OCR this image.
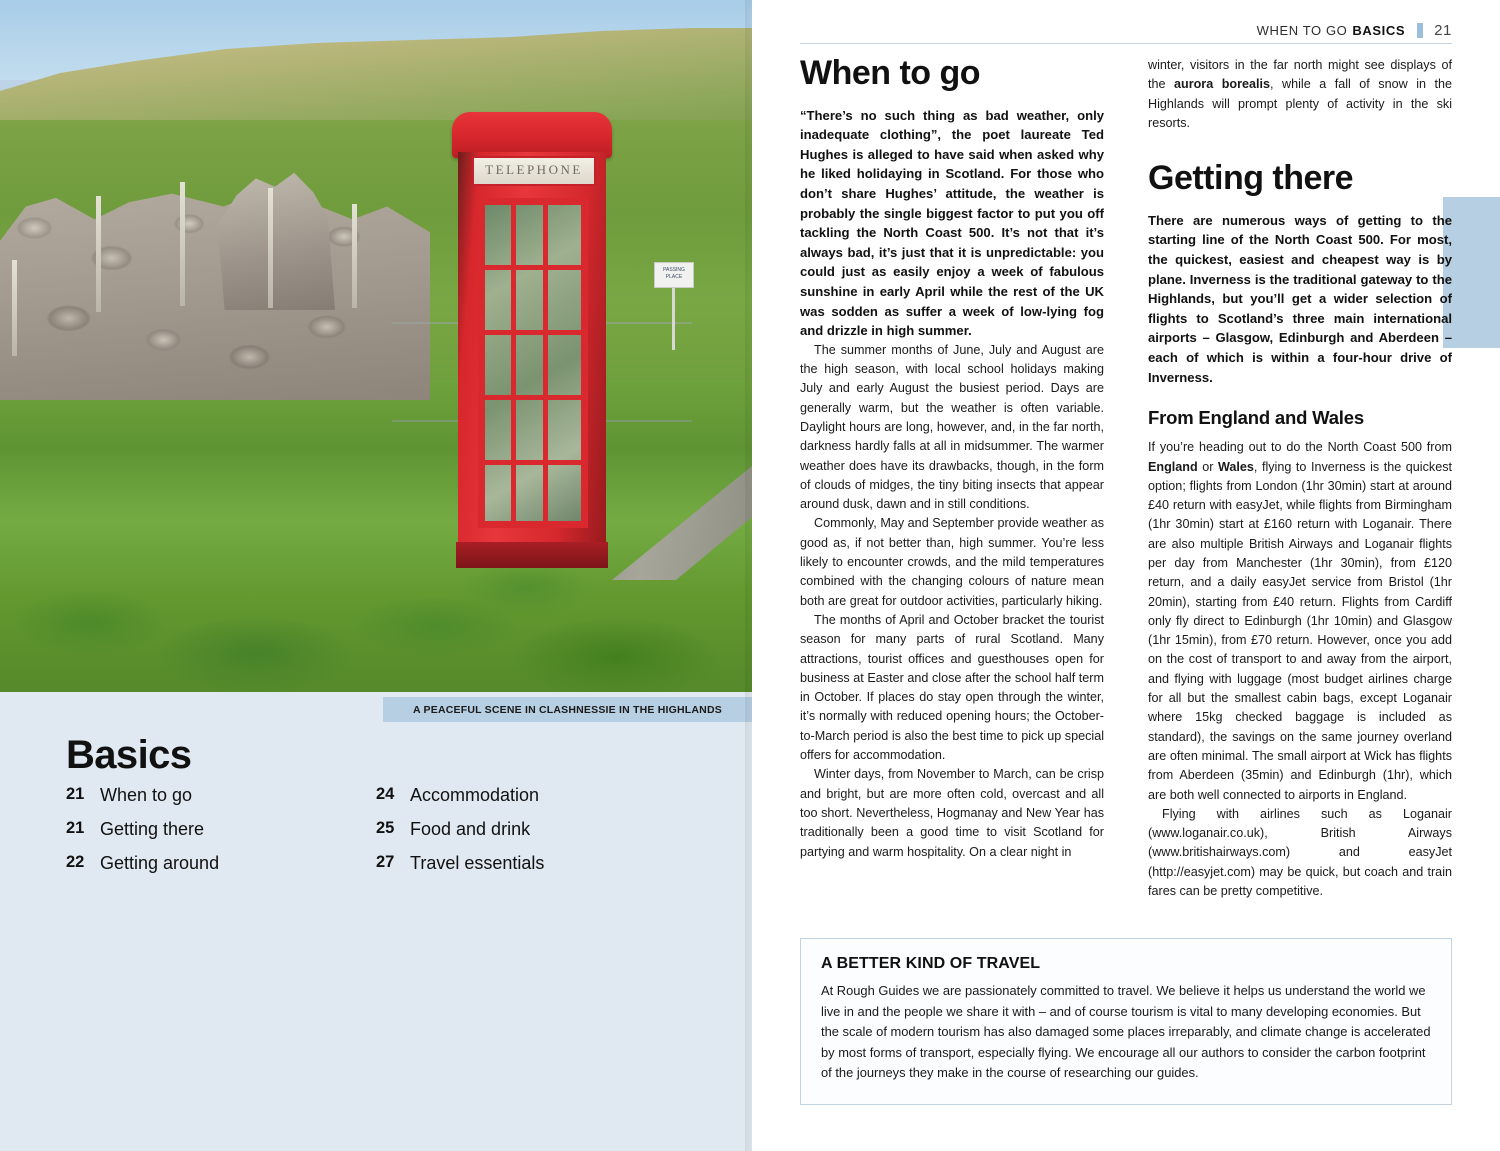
TELEPHONE
PASSING PLACE
A PEACEFUL SCENE IN CLASHNESSIE IN THE HIGHLANDS
Basics
21 When to go	24 Accommodation
21 Getting there	25 Food and drink
22 Getting around	27 Travel essentials
WHEN TO GO BASICS 21
When to go

“There’s no such thing as bad weather, only inadequate clothing”, the poet laureate Ted Hughes is alleged to have said when asked why he liked holidaying in Scotland. For those who don’t share Hughes’ attitude, the weather is probably the single biggest factor to put you off tackling the North Coast 500. It’s not that it’s always bad, it’s just that it is unpredictable: you could just as easily enjoy a week of fabulous sunshine in early April while the rest of the UK was sodden as suffer a week of low-lying fog and drizzle in high summer.

The summer months of June, July and August are the high season, with local school holidays making July and early August the busiest period. Days are generally warm, but the weather is often variable. Daylight hours are long, however, and, in the far north, darkness hardly falls at all in midsummer. The warmer weather does have its drawbacks, though, in the form of clouds of midges, the tiny biting insects that appear around dusk, dawn and in still conditions.

Commonly, May and September provide weather as good as, if not better than, high summer. You’re less likely to encounter crowds, and the mild temperatures combined with the changing colours of nature mean both are great for outdoor activities, particularly hiking.

The months of April and October bracket the tourist season for many parts of rural Scotland. Many attractions, tourist offices and guesthouses open for business at Easter and close after the school half term in October. If places do stay open through the winter, it’s normally with reduced opening hours; the October-to-March period is also the best time to pick up special offers for accommodation.

Winter days, from November to March, can be crisp and bright, but are more often cold, overcast and all too short. Nevertheless, Hogmanay and New Year has traditionally been a good time to visit Scotland for partying and warm hospitality. On a clear night in

winter, visitors in the far north might see displays of the aurora borealis, while a fall of snow in the Highlands will prompt plenty of activity in the ski resorts.

Getting there

There are numerous ways of getting to the starting line of the North Coast 500. For most, the quickest, easiest and cheapest way is by plane. Inverness is the traditional gateway to the Highlands, but you’ll get a wider selection of flights to Scotland’s three main international airports – Glasgow, Edinburgh and Aberdeen – each of which is within a four-hour drive of Inverness.

From England and Wales

If you’re heading out to do the North Coast 500 from England or Wales, flying to Inverness is the quickest option; flights from London (1hr 30min) start at around £40 return with easyJet, while flights from Birmingham (1hr 30min) start at £160 return with Loganair. There are also multiple British Airways and Loganair flights per day from Manchester (1hr 30min), from £120 return, and a daily easyJet service from Bristol (1hr 20min), starting from £40 return. Flights from Cardiff only fly direct to Edinburgh (1hr 10min) and Glasgow (1hr 15min), from £70 return. However, once you add on the cost of transport to and away from the airport, and flying with luggage (most budget airlines charge for all but the smallest cabin bags, except Loganair where 15kg checked baggage is included as standard), the savings on the same journey overland are often minimal. The small airport at Wick has flights from Aberdeen (35min) and Edinburgh (1hr), which are both well connected to airports in England.

Flying with airlines such as Loganair (www.loganair.co.uk), British Airways (www.britishairways.com) and easyJet (http://easyjet.com) may be quick, but coach and train fares can be pretty competitive.

A BETTER KIND OF TRAVEL

At Rough Guides we are passionately committed to travel. We believe it helps us understand the world we live in and the people we share it with – and of course tourism is vital to many developing economies. But the scale of modern tourism has also damaged some places irreparably, and climate change is accelerated by most forms of transport, especially flying. We encourage all our authors to consider the carbon footprint of the journeys they make in the course of researching our guides.
